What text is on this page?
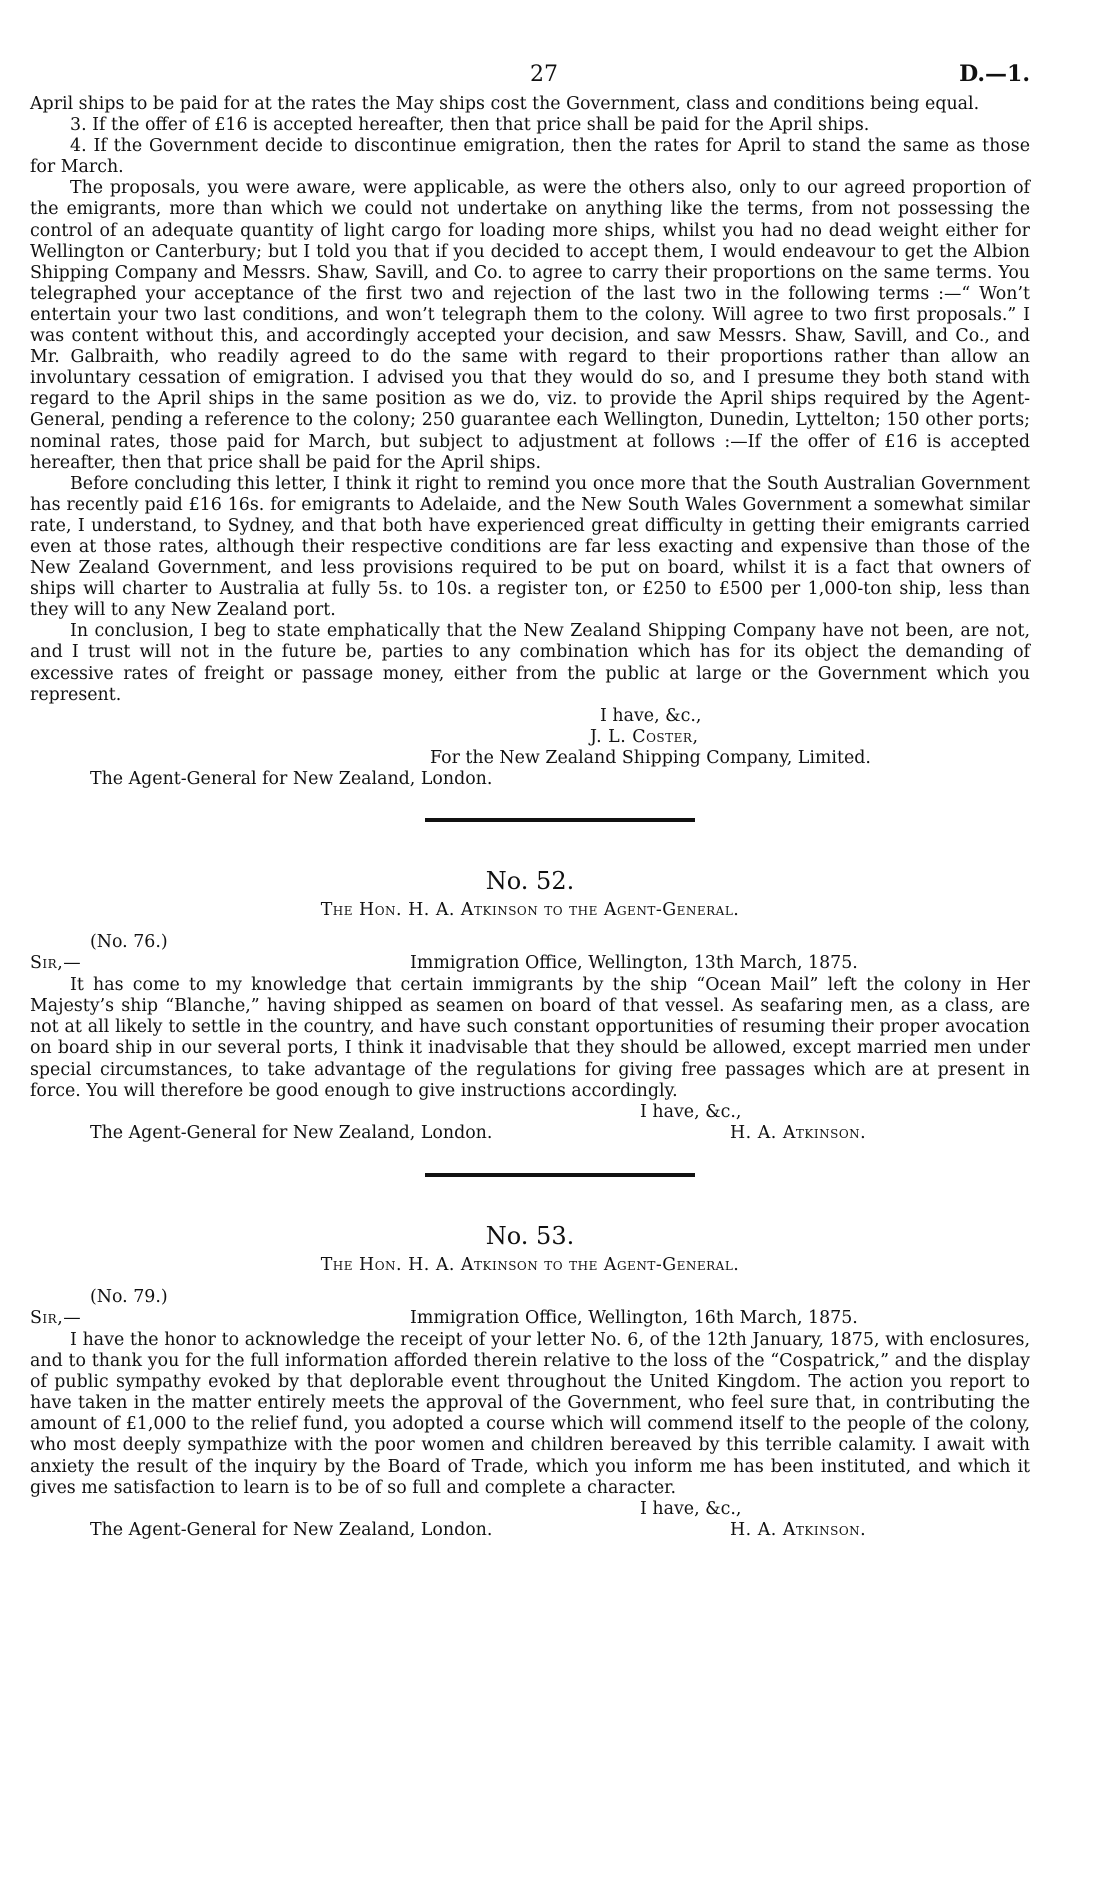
27	D.—1.

April ships to be paid for at the rates the May ships cost the Government, class and conditions being equal.

3. If the offer of £16 is accepted hereafter, then that price shall be paid for the April ships.

4. If the Government decide to discontinue emigration, then the rates for April to stand the same as those for March.

The proposals, you were aware, were applicable, as were the others also, only to our agreed proportion of the emigrants, more than which we could not undertake on anything like the terms, from not possessing the control of an adequate quantity of light cargo for loading more ships, whilst you had no dead weight either for Wellington or Canterbury; but I told you that if you decided to accept them, I would endeavour to get the Albion Shipping Company and Messrs. Shaw, Savill, and Co. to agree to carry their proportions on the same terms. You telegraphed your acceptance of the first two and rejection of the last two in the following terms :—“ Won’t entertain your two last conditions, and won’t telegraph them to the colony. Will agree to two first proposals.” I was content without this, and accordingly accepted your decision, and saw Messrs. Shaw, Savill, and Co., and Mr. Galbraith, who readily agreed to do the same with regard to their proportions rather than allow an involuntary cessation of emigration. I advised you that they would do so, and I presume they both stand with regard to the April ships in the same position as we do, viz. to provide the April ships required by the Agent-General, pending a reference to the colony; 250 guarantee each Wellington, Dunedin, Lyttelton; 150 other ports; nominal rates, those paid for March, but subject to adjustment at follows :—If the offer of £16 is accepted hereafter, then that price shall be paid for the April ships.

Before concluding this letter, I think it right to remind you once more that the South Australian Government has recently paid £16 16s. for emigrants to Adelaide, and the New South Wales Government a somewhat similar rate, I understand, to Sydney, and that both have experienced great difficulty in getting their emigrants carried even at those rates, although their respective conditions are far less exacting and expensive than those of the New Zealand Government, and less provisions required to be put on board, whilst it is a fact that owners of ships will charter to Australia at fully 5s. to 10s. a register ton, or £250 to £500 per 1,000-ton ship, less than they will to any New Zealand port.

In conclusion, I beg to state emphatically that the New Zealand Shipping Company have not been, are not, and I trust will not in the future be, parties to any combination which has for its object the demanding of excessive rates of freight or passage money, either from the public at large or the Government which you represent.

I have, &c.,
J. L. Coster,
For the New Zealand Shipping Company, Limited.
The Agent-General for New Zealand, London.
No. 52.
The Hon. H. A. Atkinson to the Agent-General.
(No. 76.)
Sir,—	Immigration Office, Wellington, 13th March, 1875.

It has come to my knowledge that certain immigrants by the ship “Ocean Mail” left the colony in Her Majesty’s ship “Blanche,” having shipped as seamen on board of that vessel. As seafaring men, as a class, are not at all likely to settle in the country, and have such constant opportunities of resuming their proper avocation on board ship in our several ports, I think it inadvisable that they should be allowed, except married men under special circumstances, to take advantage of the regulations for giving free passages which are at present in force. You will therefore be good enough to give instructions accordingly.

I have, &c.,
The Agent-General for New Zealand, London.	H. A. Atkinson.
No. 53.
The Hon. H. A. Atkinson to the Agent-General.
(No. 79.)
Sir,—	Immigration Office, Wellington, 16th March, 1875.

I have the honor to acknowledge the receipt of your letter No. 6, of the 12th January, 1875, with enclosures, and to thank you for the full information afforded therein relative to the loss of the “Cospatrick,” and the display of public sympathy evoked by that deplorable event throughout the United Kingdom. The action you report to have taken in the matter entirely meets the approval of the Government, who feel sure that, in contributing the amount of £1,000 to the relief fund, you adopted a course which will commend itself to the people of the colony, who most deeply sympathize with the poor women and children bereaved by this terrible calamity. I await with anxiety the result of the inquiry by the Board of Trade, which you inform me has been instituted, and which it gives me satisfaction to learn is to be of so full and complete a character.

I have, &c.,
The Agent-General for New Zealand, London.	H. A. Atkinson.
